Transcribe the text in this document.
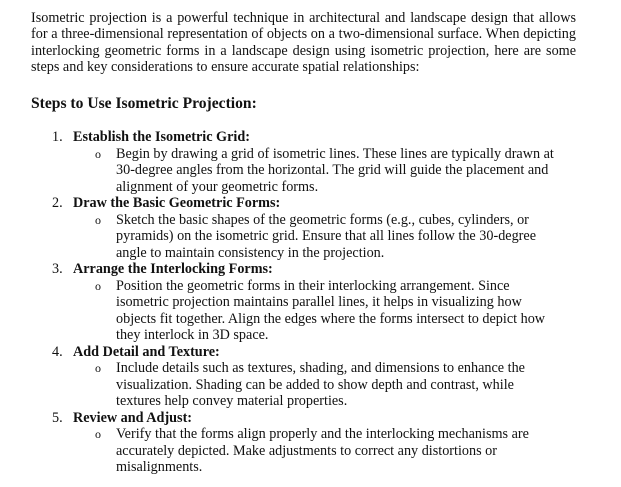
Isometric projection is a powerful technique in architectural and landscape design that allows for a three-dimensional representation of objects on a two-dimensional surface. When depicting interlocking geometric forms in a landscape design using isometric projection, here are some steps and key considerations to ensure accurate spatial relationships:

Steps to Use Isometric Projection:
1. Establish the Isometric Grid:
o Begin by drawing a grid of isometric lines. These lines are typically drawn at 30-degree angles from the horizontal. The grid will guide the placement and alignment of your geometric forms.
2. Draw the Basic Geometric Forms:
o Sketch the basic shapes of the geometric forms (e.g., cubes, cylinders, or pyramids) on the isometric grid. Ensure that all lines follow the 30-degree angle to maintain consistency in the projection.
3. Arrange the Interlocking Forms:
o Position the geometric forms in their interlocking arrangement. Since isometric projection maintains parallel lines, it helps in visualizing how objects fit together. Align the edges where the forms intersect to depict how they interlock in 3D space.
4. Add Detail and Texture:
o Include details such as textures, shading, and dimensions to enhance the visualization. Shading can be added to show depth and contrast, while textures help convey material properties.
5. Review and Adjust:
o Verify that the forms align properly and the interlocking mechanisms are accurately depicted. Make adjustments to correct any distortions or misalignments.
